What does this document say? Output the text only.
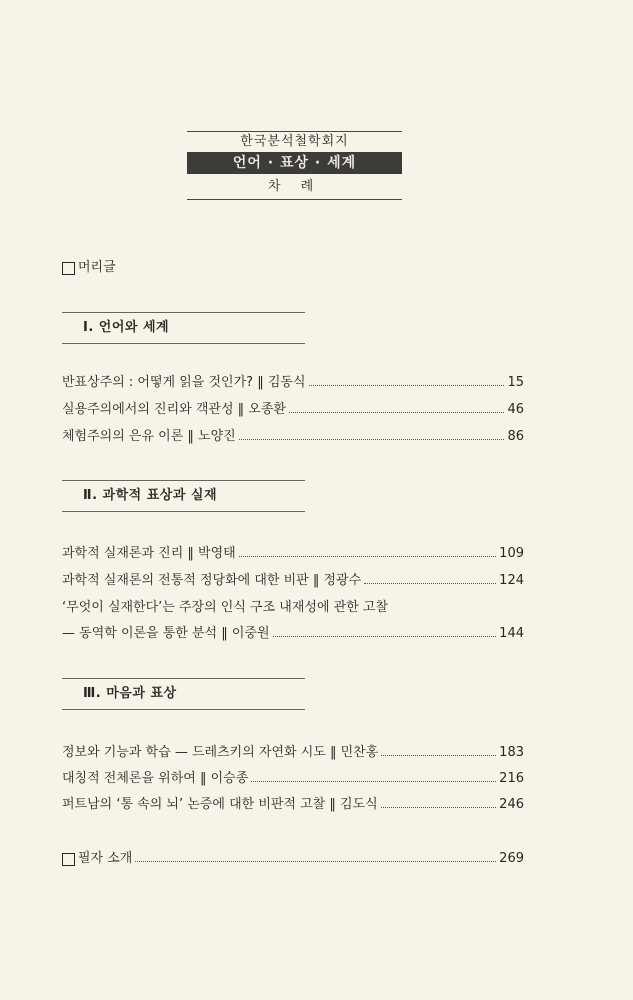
한국분석철학회지
언어 · 표상 · 세계
차 례
머리글
Ⅰ. 언어와 세계
반표상주의 : 어떻게 읽을 것인가? ‖ 김동식	15
실용주의에서의 진리와 객관성 ‖ 오종환	46
체험주의의 은유 이론 ‖ 노양진	86
Ⅱ. 과학적 표상과 실재
과학적 실재론과 진리 ‖ 박영태	109
과학적 실재론의 전통적 정당화에 대한 비판 ‖ 정광수	124
‘무엇이 실재한다’는 주장의 인식 구조 내재성에 관한 고찰
— 동역학 이론을 통한 분석 ‖ 이중원	144
Ⅲ. 마음과 표상
정보와 기능과 학습 — 드레츠키의 자연화 시도 ‖ 민찬홍	183
대칭적 전체론을 위하여 ‖ 이승종	216
퍼트남의 ‘통 속의 뇌’ 논증에 대한 비판적 고찰 ‖ 김도식	246
필자 소개	269
